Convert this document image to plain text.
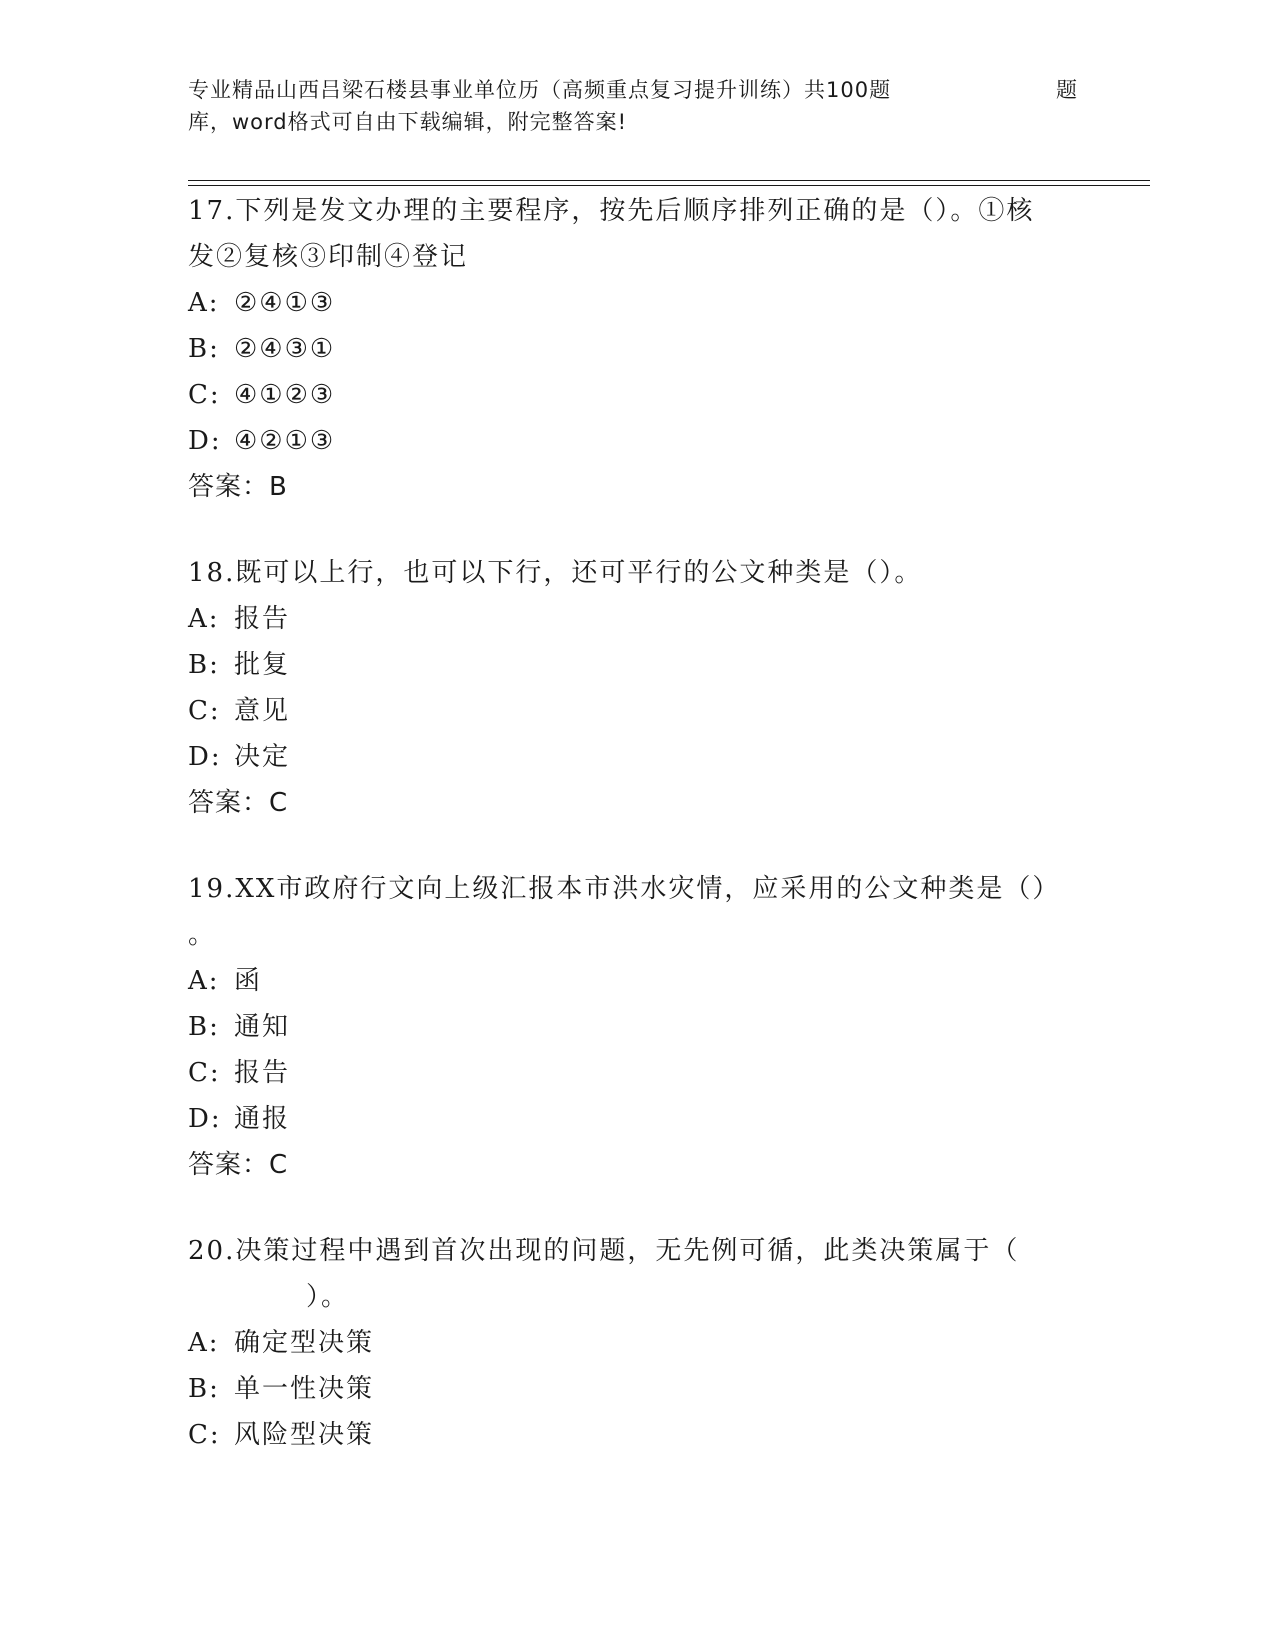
专业精品山西吕梁石楼县事业单位历（高频重点复习提升训练）共100题	题
库，word格式可自由下载编辑，附完整答案!
17.下列是发文办理的主要程序，按先后顺序排列正确的是（）。①核
发②复核③印制④登记
A: ②④①③
B: ②④③①
C: ④①②③
D: ④②①③
答案：B
18.既可以上行，也可以下行，还可平行的公文种类是（）。
A: 报告
B: 批复
C: 意见
D: 决定
答案：C
19.XX市政府行文向上级汇报本市洪水灾情，应采用的公文种类是（）
。
A: 函
B: 通知
C: 报告
D: 通报
答案：C
20.决策过程中遇到首次出现的问题，无先例可循，此类决策属于（
）。
A: 确定型决策
B: 单一性决策
C: 风险型决策
